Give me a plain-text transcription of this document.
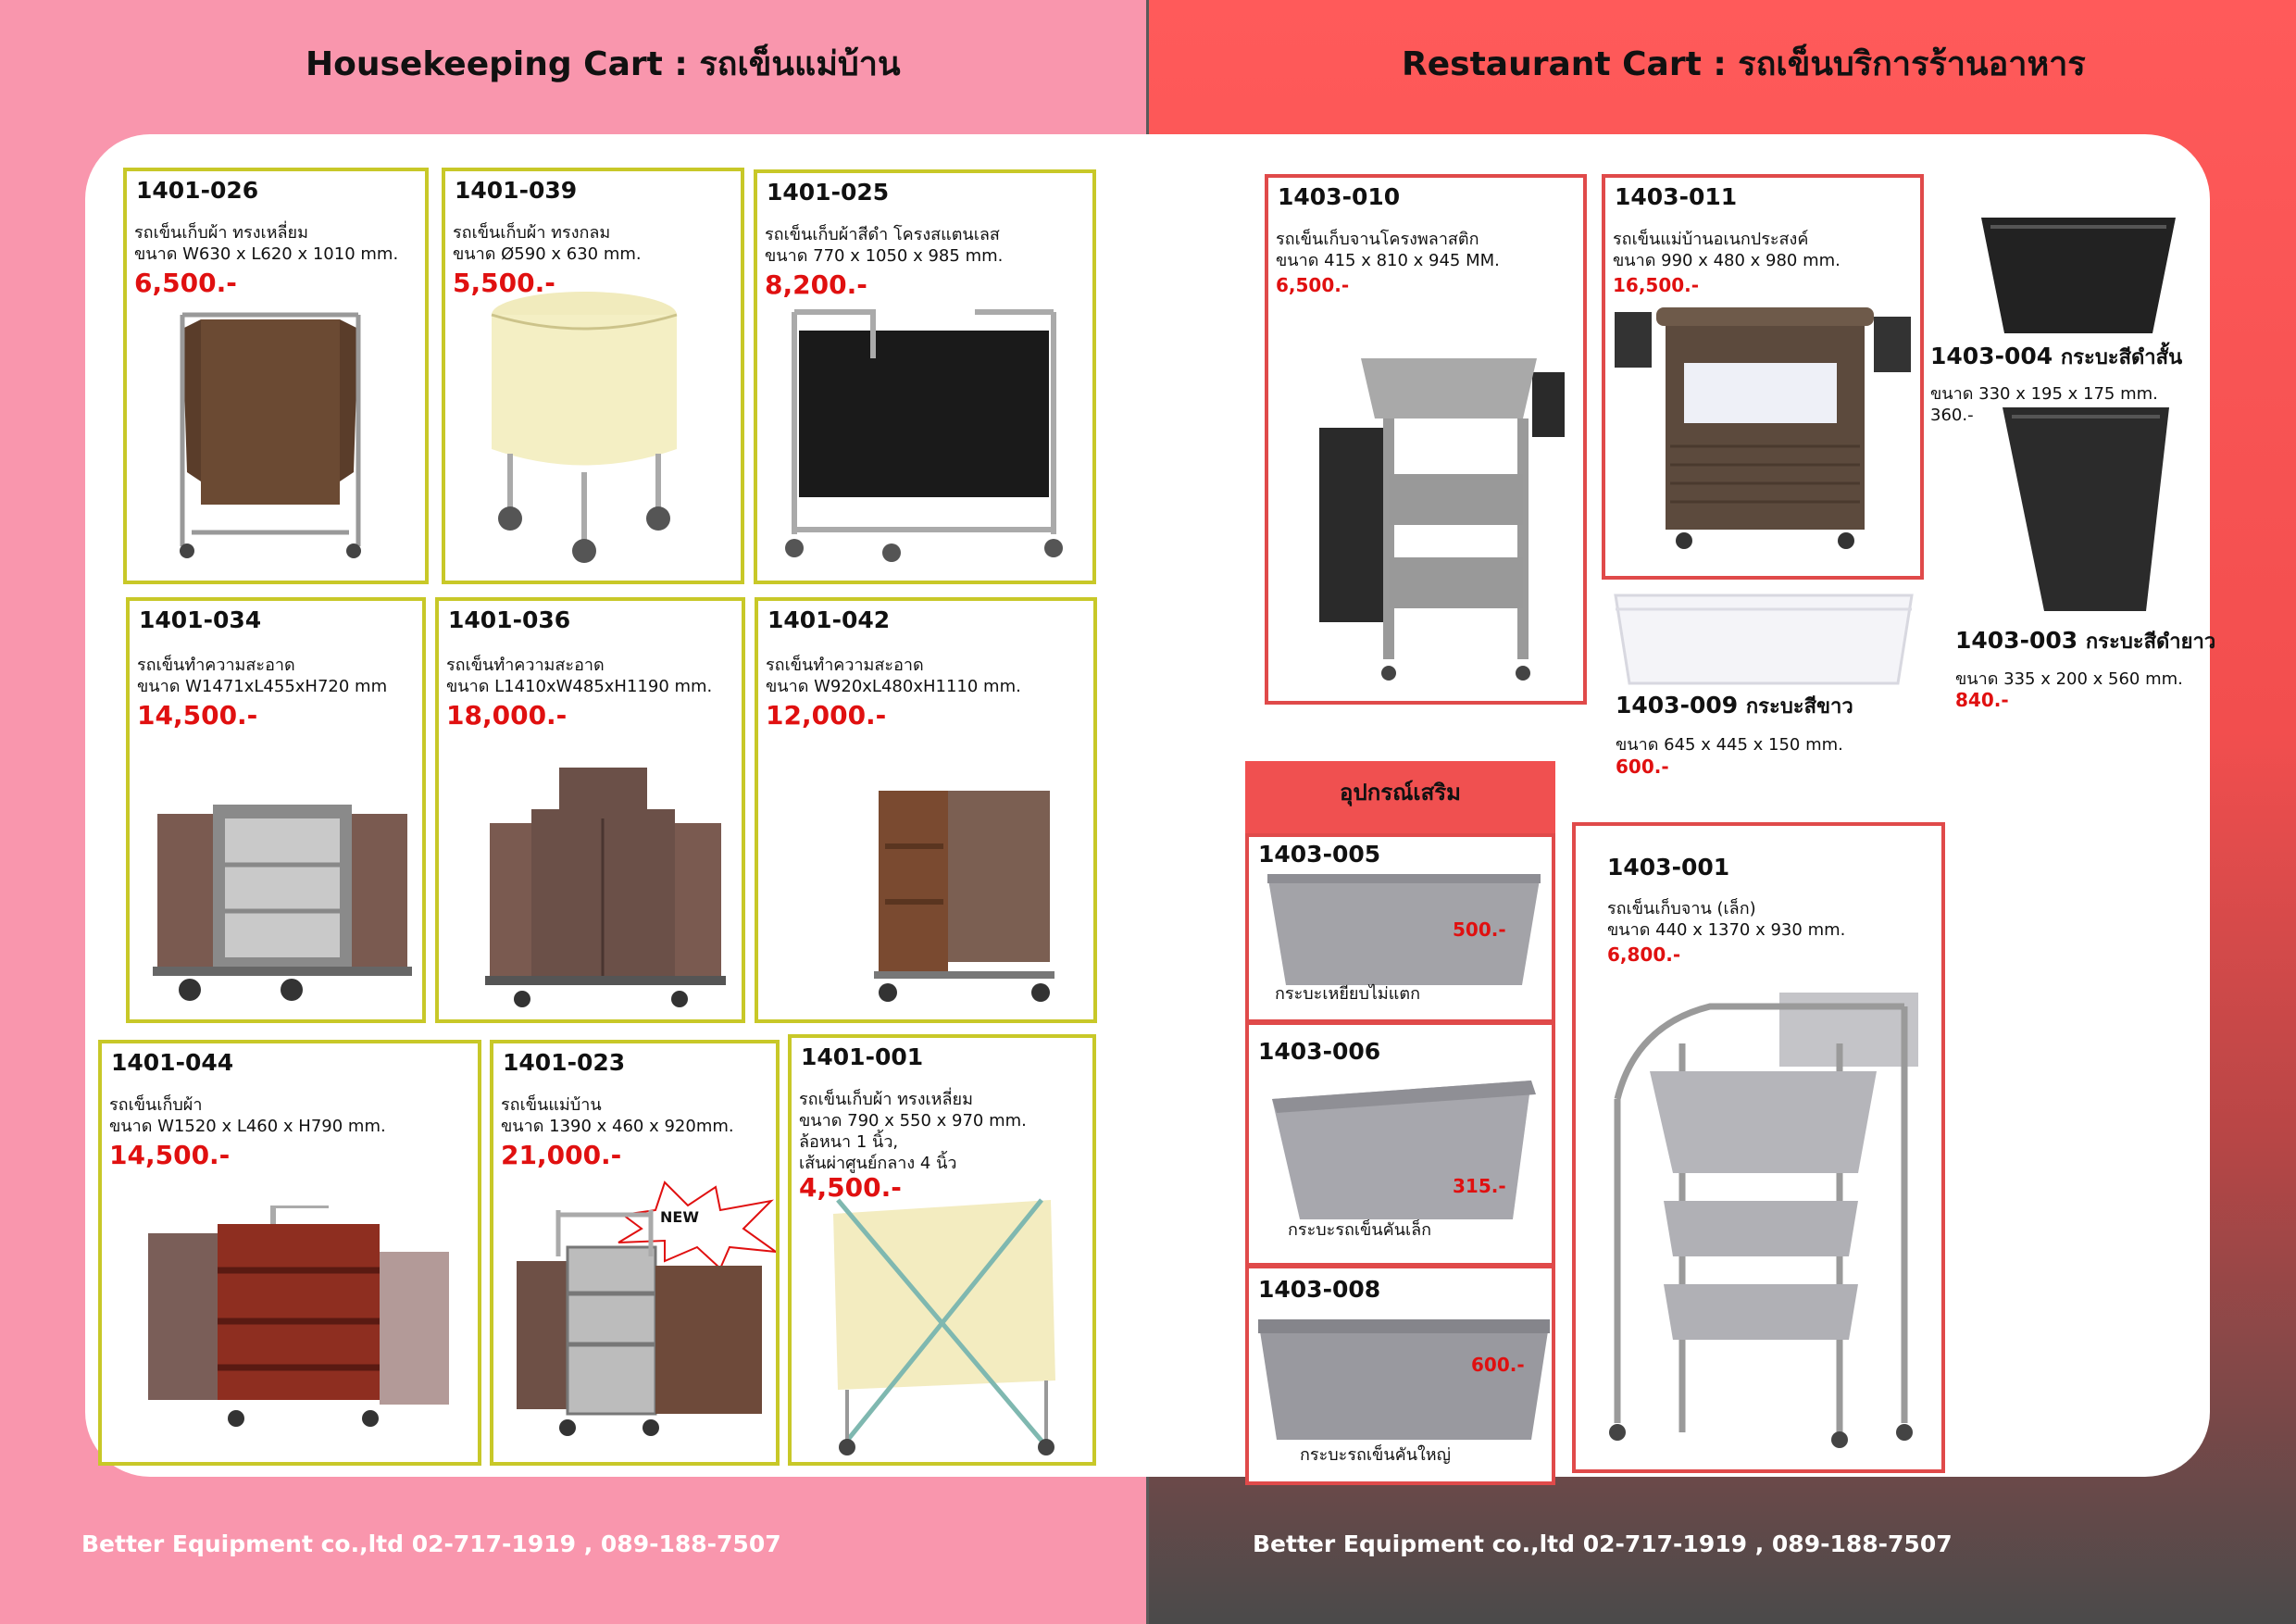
Housekeeping Cart : รถเข็นแม่บ้าน	Restaurant Cart : รถเข็นบริการร้านอาหาร
1401-026
รถเข็นเก็บผ้า ทรงเหลี่ยม
ขนาด W630 x L620 x 1010 mm.
6,500.-
1401-039
รถเข็นเก็บผ้า ทรงกลม
ขนาด Ø590 x 630 mm.
5,500.-
1401-025
รถเข็นเก็บผ้าสีดำ โครงสแตนเลส
ขนาด 770 x 1050 x 985 mm.
8,200.-
1401-034
รถเข็นทำความสะอาด
ขนาด W1471xL455xH720 mm
14,500.-
1401-036
รถเข็นทำความสะอาด
ขนาด L1410xW485xH1190 mm.
18,000.-
1401-042
รถเข็นทำความสะอาด
ขนาด W920xL480xH1110 mm.
12,000.-
1401-044
รถเข็นเก็บผ้า
ขนาด W1520 x L460 x H790 mm.
14,500.-
1401-023
รถเข็นแม่บ้าน
ขนาด 1390 x 460 x 920mm.
21,000.-
NEW
1401-001
รถเข็นเก็บผ้า ทรงเหลี่ยม
ขนาด 790 x 550 x 970 mm.
ล้อหนา 1 นิ้ว,
เส้นผ่าศูนย์กลาง 4 นิ้ว
4,500.-
1403-010
รถเข็นเก็บจานโครงพลาสติก
ขนาด 415 x 810 x 945 MM.
6,500.-
1403-011
รถเข็นแม่บ้านอเนกประสงค์
ขนาด 990 x 480 x 980 mm.
16,500.-
1403-004 กระบะสีดำสั้น
ขนาด 330 x 195 x 175 mm.
360.-
1403-003 กระบะสีดำยาว
ขนาด 335 x 200 x 560 mm.
840.-
1403-009 กระบะสีขาว
ขนาด 645 x 445 x 150 mm.
600.-
อุปกรณ์เสริม
1403-005
500.-
กระบะเหยียบไม่แตก
1403-006
315.-
กระบะรถเข็นคันเล็ก
1403-008
600.-
กระบะรถเข็นคันใหญ่
1403-001
รถเข็นเก็บจาน (เล็ก)
ขนาด 440 x 1370 x 930 mm.
6,800.-
Better Equipment co.,ltd 02-717-1919 , 089-188-7507	Better Equipment co.,ltd 02-717-1919 , 089-188-7507
